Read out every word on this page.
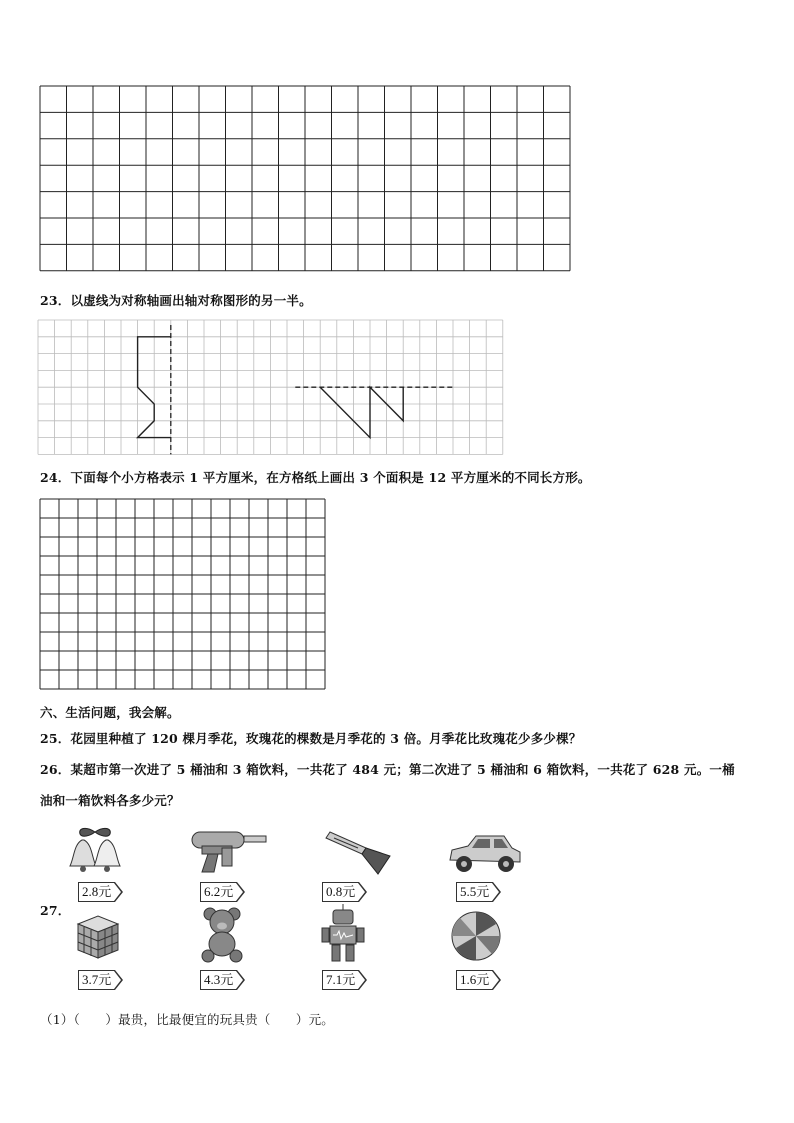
23．以虚线为对称轴画出轴对称图形的另一半。
24．下面每个小方格表示 1 平方厘米，在方格纸上画出 3 个面积是 12 平方厘米的不同长方形。
六、生活问题，我会解。
25．花园里种植了 120 棵月季花，玫瑰花的棵数是月季花的 3 倍。月季花比玫瑰花少多少棵？
26．某超市第一次进了 5 桶油和 3 箱饮料，一共花了 484 元；第二次进了 5 桶油和 6 箱饮料，一共花了 628 元。一桶
油和一箱饮料各多少元？
27．
2.8元	6.2元	0.8元	5.5元
3.7元	4.3元	7.1元	1.6元
（1）（　　）最贵，比最便宜的玩具贵（　　）元。
